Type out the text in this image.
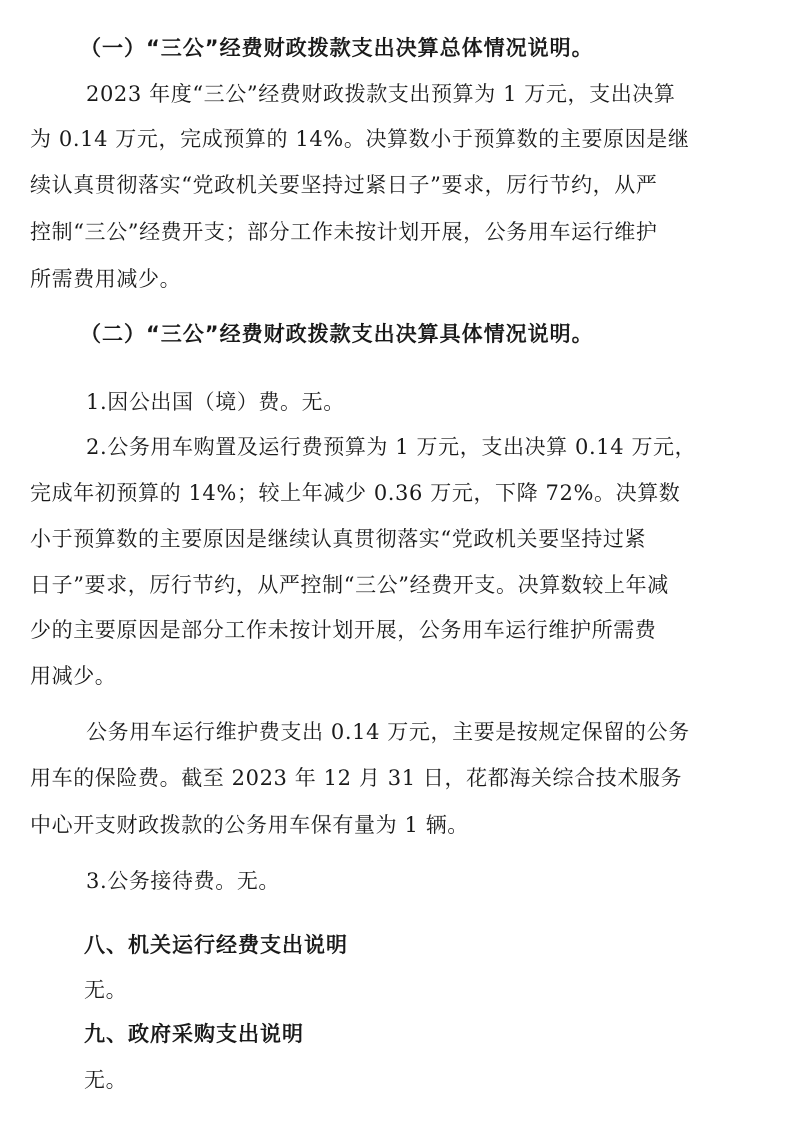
（一）“三公”经费财政拨款支出决算总体情况说明。
2023 年度“三公”经费财政拨款支出预算为 1 万元，支出决算
为 0.14 万元，完成预算的 14%。决算数小于预算数的主要原因是继
续认真贯彻落实“党政机关要坚持过紧日子”要求，厉行节约，从严
控制“三公”经费开支；部分工作未按计划开展，公务用车运行维护
所需费用减少。
（二）“三公”经费财政拨款支出决算具体情况说明。
1.因公出国（境）费。无。
2.公务用车购置及运行费预算为 1 万元，支出决算 0.14 万元，
完成年初预算的 14%；较上年减少 0.36 万元，下降 72%。决算数
小于预算数的主要原因是继续认真贯彻落实“党政机关要坚持过紧
日子”要求，厉行节约，从严控制“三公”经费开支。决算数较上年减
少的主要原因是部分工作未按计划开展，公务用车运行维护所需费
用减少。
公务用车运行维护费支出 0.14 万元，主要是按规定保留的公务
用车的保险费。截至 2023 年 12 月 31 日，花都海关综合技术服务
中心开支财政拨款的公务用车保有量为 1 辆。
3.公务接待费。无。
八、机关运行经费支出说明
无。
九、政府采购支出说明
无。
